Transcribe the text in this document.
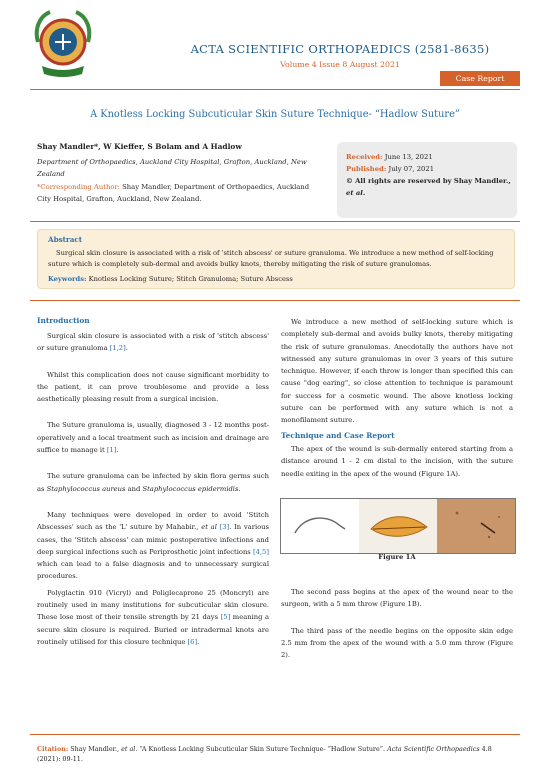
ACTA SCIENTIFIC ORTHOPAEDICS (2581-8635)
Volume 4 Issue 8 August 2021
Case Report
A Knotless Locking Subcuticular Skin Suture Technique- “Hadlow Suture”
Shay Mandler*, W Kieffer, S Bolam and A Hadlow
Department of Orthopaedics, Auckland City Hospital, Grafton, Auckland, New Zealand
*Corresponding Author: Shay Mandler, Department of Orthopaedics, Auckland City Hospital, Grafton, Auckland, New Zealand.
Received: June 13, 2021
Published: July 07, 2021
© All rights are reserved by Shay Mandler., et al.
Abstract
Surgical skin closure is associated with a risk of 'stitch abscess' or suture granuloma. We introduce a new method of self-locking suture which is completely sub-dermal and avoids bulky knots, thereby mitigating the risk of suture granulomas.
Keywords: Knotless Locking Suture; Stitch Granuloma; Suture Abscess
Introduction

Surgical skin closure is associated with a risk of 'stitch abscess' or suture granuloma [1,2].

Whilst this complication does not cause significant morbidity to the patient, it can prove troublesome and provide a less aesthetically pleasing result from a surgical incision.

The Suture granuloma is, usually, diagnosed 3 - 12 months post-operatively and a local treatment such as incision and drainage are suffice to manage it [1].

The suture granuloma can be infected by skin flora germs such as Staphylococcus aureus and Staphylococcus epidermidis.

Many techniques were developed in order to avoid 'Stitch Abscesses' such as the 'L' suture by Mahabir., et al [3]. In various cases, the 'Stitch abscess' can mimic postoperative infections and deep surgical infections such as Periprosthetic joint infections [4,5] which can lead to a false diagnosis and to unnecessary surgical procedures.

Polyglactin 910 (Vicryl) and Poliglecaprone 25 (Moncryl) are routinely used in many institutions for subcuticular skin closure. These lose most of their tensile strength by 21 days [5] meaning a secure skin closure is required. Buried or intradermal knots are routinely utilised for this closure technique [6].

We introduce a new method of self-locking suture which is completely sub-dermal and avoids bulky knots, thereby mitigating the risk of suture granulomas. Anecdotally the authors have not witnessed any suture granulomas in over 3 years of this suture technique. However, if each throw is longer than specified this can cause "dog earing", so close attention to technique is paramount for success for a cosmetic wound. The above knotless locking suture can be performed with any suture which is not a monofilament suture.

Technique and Case Report

The apex of the wound is sub-dermally entered starting from a distance around 1 - 2 cm distal to the incision, with the suture needle exiting in the apex of the wound (Figure 1A).

Figure 1A

The second pass begins at the apex of the wound near to the surgeon, with a 5 mm throw (Figure 1B).

The third pass of the needle begins on the opposite skin edge 2.5 mm from the apex of the wound with a 5.0 mm throw (Figure 2).

Citation: Shay Mandler., et al. “A Knotless Locking Subcuticular Skin Suture Technique- “Hadlow Suture”. Acta Scientific Orthopaedics 4.8 (2021): 09-11.
